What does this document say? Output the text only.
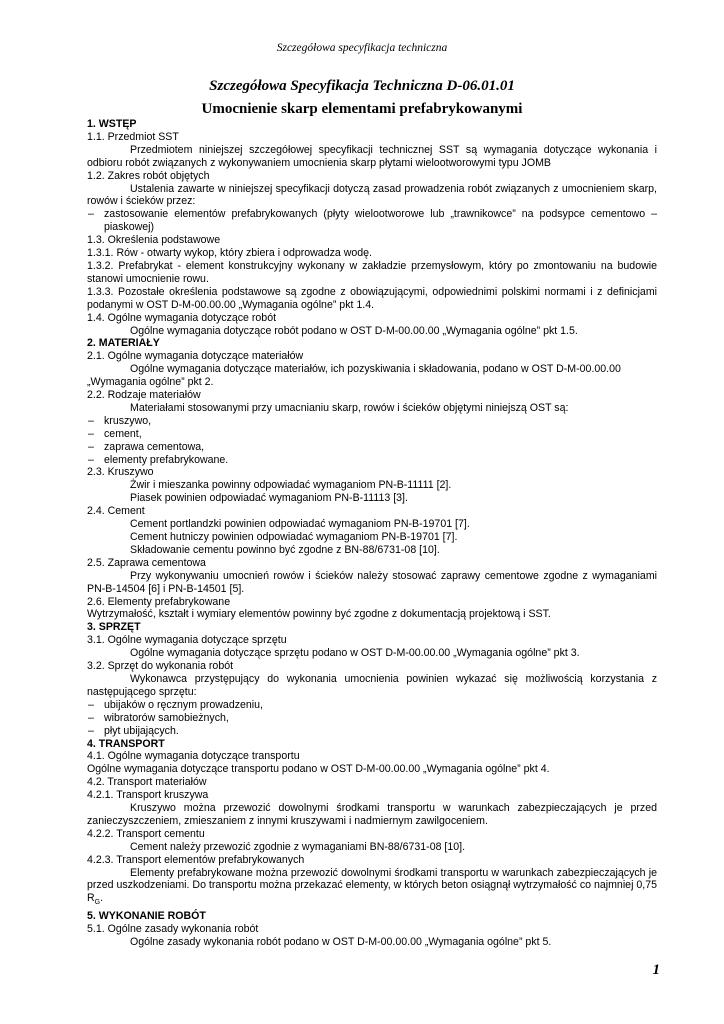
Szczegółowa specyfikacja techniczna
Szczegółowa Specyfikacja Techniczna D-06.01.01
Umocnienie skarp elementami prefabrykowanymi

1. WSTĘP

1.1. Przedmiot SST

Przedmiotem niniejszej szczegółowej specyfikacji technicznej SST są wymagania dotyczące wykonania i odbioru robót związanych z wykonywaniem umocnienia skarp płytami wielootworowymi typu JOMB

1.2. Zakres robót objętych

Ustalenia zawarte w niniejszej specyfikacji dotyczą zasad prowadzenia robót związanych z umocnieniem skarp, rowów i ścieków przez:

– zastosowanie elementów prefabrykowanych (płyty wielootworowe lub „trawnikowce” na podsypce cementowo – piaskowej)

1.3. Określenia podstawowe

1.3.1. Rów - otwarty wykop, który zbiera i odprowadza wodę.

1.3.2. Prefabrykat - element konstrukcyjny wykonany w zakładzie przemysłowym, który po zmontowaniu na budowie stanowi umocnienie rowu.

1.3.3. Pozostałe określenia podstawowe są zgodne z obowiązującymi, odpowiednimi polskimi normami i z definicjami podanymi w OST D-M-00.00.00 „Wymagania ogólne” pkt 1.4.

1.4. Ogólne wymagania dotyczące robót

Ogólne wymagania dotyczące robót podano w OST D-M-00.00.00 „Wymagania ogólne” pkt 1.5.

2. MATERIAŁY

2.1. Ogólne wymagania dotyczące materiałów

Ogólne wymagania dotyczące materiałów, ich pozyskiwania i składowania, podano w OST D-M-00.00.00 „Wymagania ogólne” pkt 2.

2.2. Rodzaje materiałów

Materiałami stosowanymi przy umacnianiu skarp, rowów i ścieków objętymi niniejszą OST są:

– kruszywo,

– cement,

– zaprawa cementowa,

– elementy prefabrykowane.

2.3. Kruszywo

Żwir i mieszanka powinny odpowiadać wymaganiom PN-B-11111 [2].

Piasek powinien odpowiadać wymaganiom PN-B-11113 [3].

2.4. Cement

Cement portlandzki powinien odpowiadać wymaganiom PN-B-19701 [7].

Cement hutniczy powinien odpowiadać wymaganiom PN-B-19701 [7].

Składowanie cementu powinno być zgodne z BN-88/6731-08 [10].

2.5. Zaprawa cementowa

Przy wykonywaniu umocnień rowów i ścieków należy stosować zaprawy cementowe zgodne z wymaganiami PN-B-14504 [6] i PN-B-14501 [5].

2.6. Elementy prefabrykowane

Wytrzymałość, kształt i wymiary elementów powinny być zgodne z dokumentacją projektową i SST.

3. SPRZĘT

3.1. Ogólne wymagania dotyczące sprzętu

Ogólne wymagania dotyczące sprzętu podano w OST D-M-00.00.00 „Wymagania ogólne” pkt 3.

3.2. Sprzęt do wykonania robót

Wykonawca przystępujący do wykonania umocnienia powinien wykazać się możliwością korzystania z następującego sprzętu:

– ubijaków o ręcznym prowadzeniu,

– wibratorów samobieżnych,

– płyt ubijających.

4. TRANSPORT

4.1. Ogólne wymagania dotyczące transportu

Ogólne wymagania dotyczące transportu podano w OST D-M-00.00.00 „Wymagania ogólne” pkt 4.

4.2. Transport materiałów

4.2.1. Transport kruszywa

Kruszywo można przewozić dowolnymi środkami transportu w warunkach zabezpieczających je przed zanieczyszczeniem, zmieszaniem z innymi kruszywami i nadmiernym zawilgoceniem.

4.2.2. Transport cementu

Cement należy przewozić zgodnie z wymaganiami BN-88/6731-08 [10].

4.2.3. Transport elementów prefabrykowanych

Elementy prefabrykowane można przewozić dowolnymi środkami transportu w warunkach zabezpieczających je przed uszkodzeniami. Do transportu można przekazać elementy, w których beton osiągnął wytrzymałość co najmniej 0,75 $R_G$.

5. WYKONANIE ROBÓT

5.1. Ogólne zasady wykonania robót

Ogólne zasady wykonania robót podano w OST D-M-00.00.00 „Wymagania ogólne” pkt 5.

1
